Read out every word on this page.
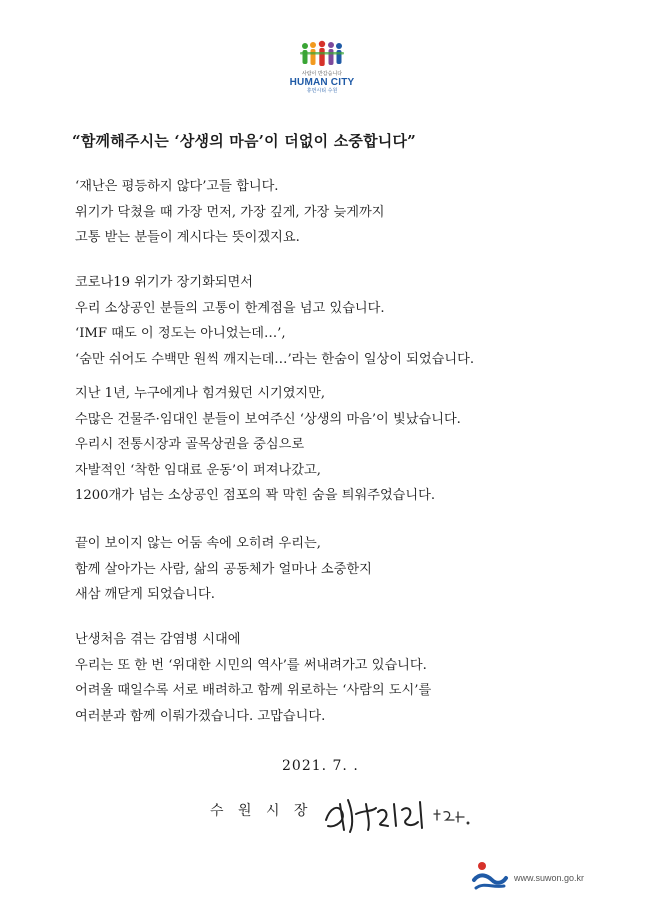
사람이 반갑습니다
HUMAN CITY
휴먼시티 수원
“함께해주시는 ‘상생의 마음’이 더없이 소중합니다”
‘재난은 평등하지 않다’고들 합니다.
위기가 닥쳤을 때 가장 먼저, 가장 깊게, 가장 늦게까지
고통 받는 분들이 계시다는 뜻이겠지요.
코로나19 위기가 장기화되면서
우리 소상공인 분들의 고통이 한계점을 넘고 있습니다.
‘IMF 때도 이 정도는 아니었는데…’,
‘숨만 쉬어도 수백만 원씩 깨지는데…’라는 한숨이 일상이 되었습니다.
지난 1년, 누구에게나 힘겨웠던 시기였지만,
수많은 건물주·임대인 분들이 보여주신 ‘상생의 마음’이 빛났습니다.
우리시 전통시장과 골목상권을 중심으로
자발적인 ‘착한 임대료 운동’이 퍼져나갔고,
1200개가 넘는 소상공인 점포의 꽉 막힌 숨을 틔워주었습니다.
끝이 보이지 않는 어둠 속에 오히려 우리는,
함께 살아가는 사람, 삶의 공동체가 얼마나 소중한지
새삼 깨닫게 되었습니다.
난생처음 겪는 감염병 시대에
우리는 또 한 번 ‘위대한 시민의 역사’를 써내려가고 있습니다.
어려울 때일수록 서로 배려하고 함께 위로하는 ‘사람의 도시’를
여러분과 함께 이뤄가겠습니다. 고맙습니다.
2021. 7. .
수 원 시 장
www.suwon.go.kr
